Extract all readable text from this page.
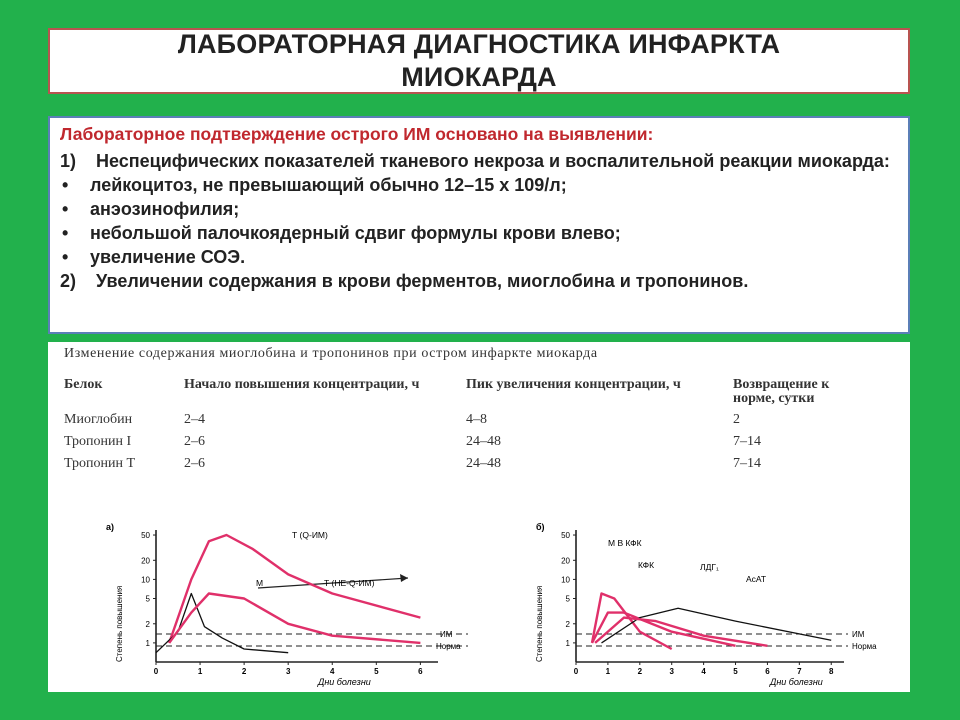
ЛАБОРАТОРНАЯ ДИАГНОСТИКА ИНФАРКТА
МИОКАРДА
Лабораторное подтверждение острого ИМ основано на выявлении:
1)	Неспецифических показателей тканевого некроза и воспалительной реакции миокарда:
•	лейкоцитоз, не превышающий обычно 12–15 х 109/л;
•	анэозинофилия;
•	небольшой палочкоядерный сдвиг формулы крови влево;
•	увеличение СОЭ.
2)	Увеличении содержания в крови ферментов, миоглобина и тропонинов.
Изменение содержания миоглобина и тропонинов при остром инфаркте миокарда
Белок	Начало повышения концентрации, ч	Пик увеличения концентрации, ч	Возвращение к норме, сутки
Миоглобин	2–4	4–8	2
Тропонин I	2–6	24–48	7–14
Тропонин Т	2–6	24–48	7–14
а)
Степень повышения
Дни болезни
ИМ
Норма
1
2
5
10
20
50
0	1	2	3	4	5	6
Т (Q-ИМ)
М	Т (НЕ-Q-ИМ)
б)
Степень повышения
Дни болезни
ИМ
Норма
1
2
5
10
20
50
0	1	2	3	4	5	6	7	8
М В КФК
КФК	ЛДГ₁
АсАТ
